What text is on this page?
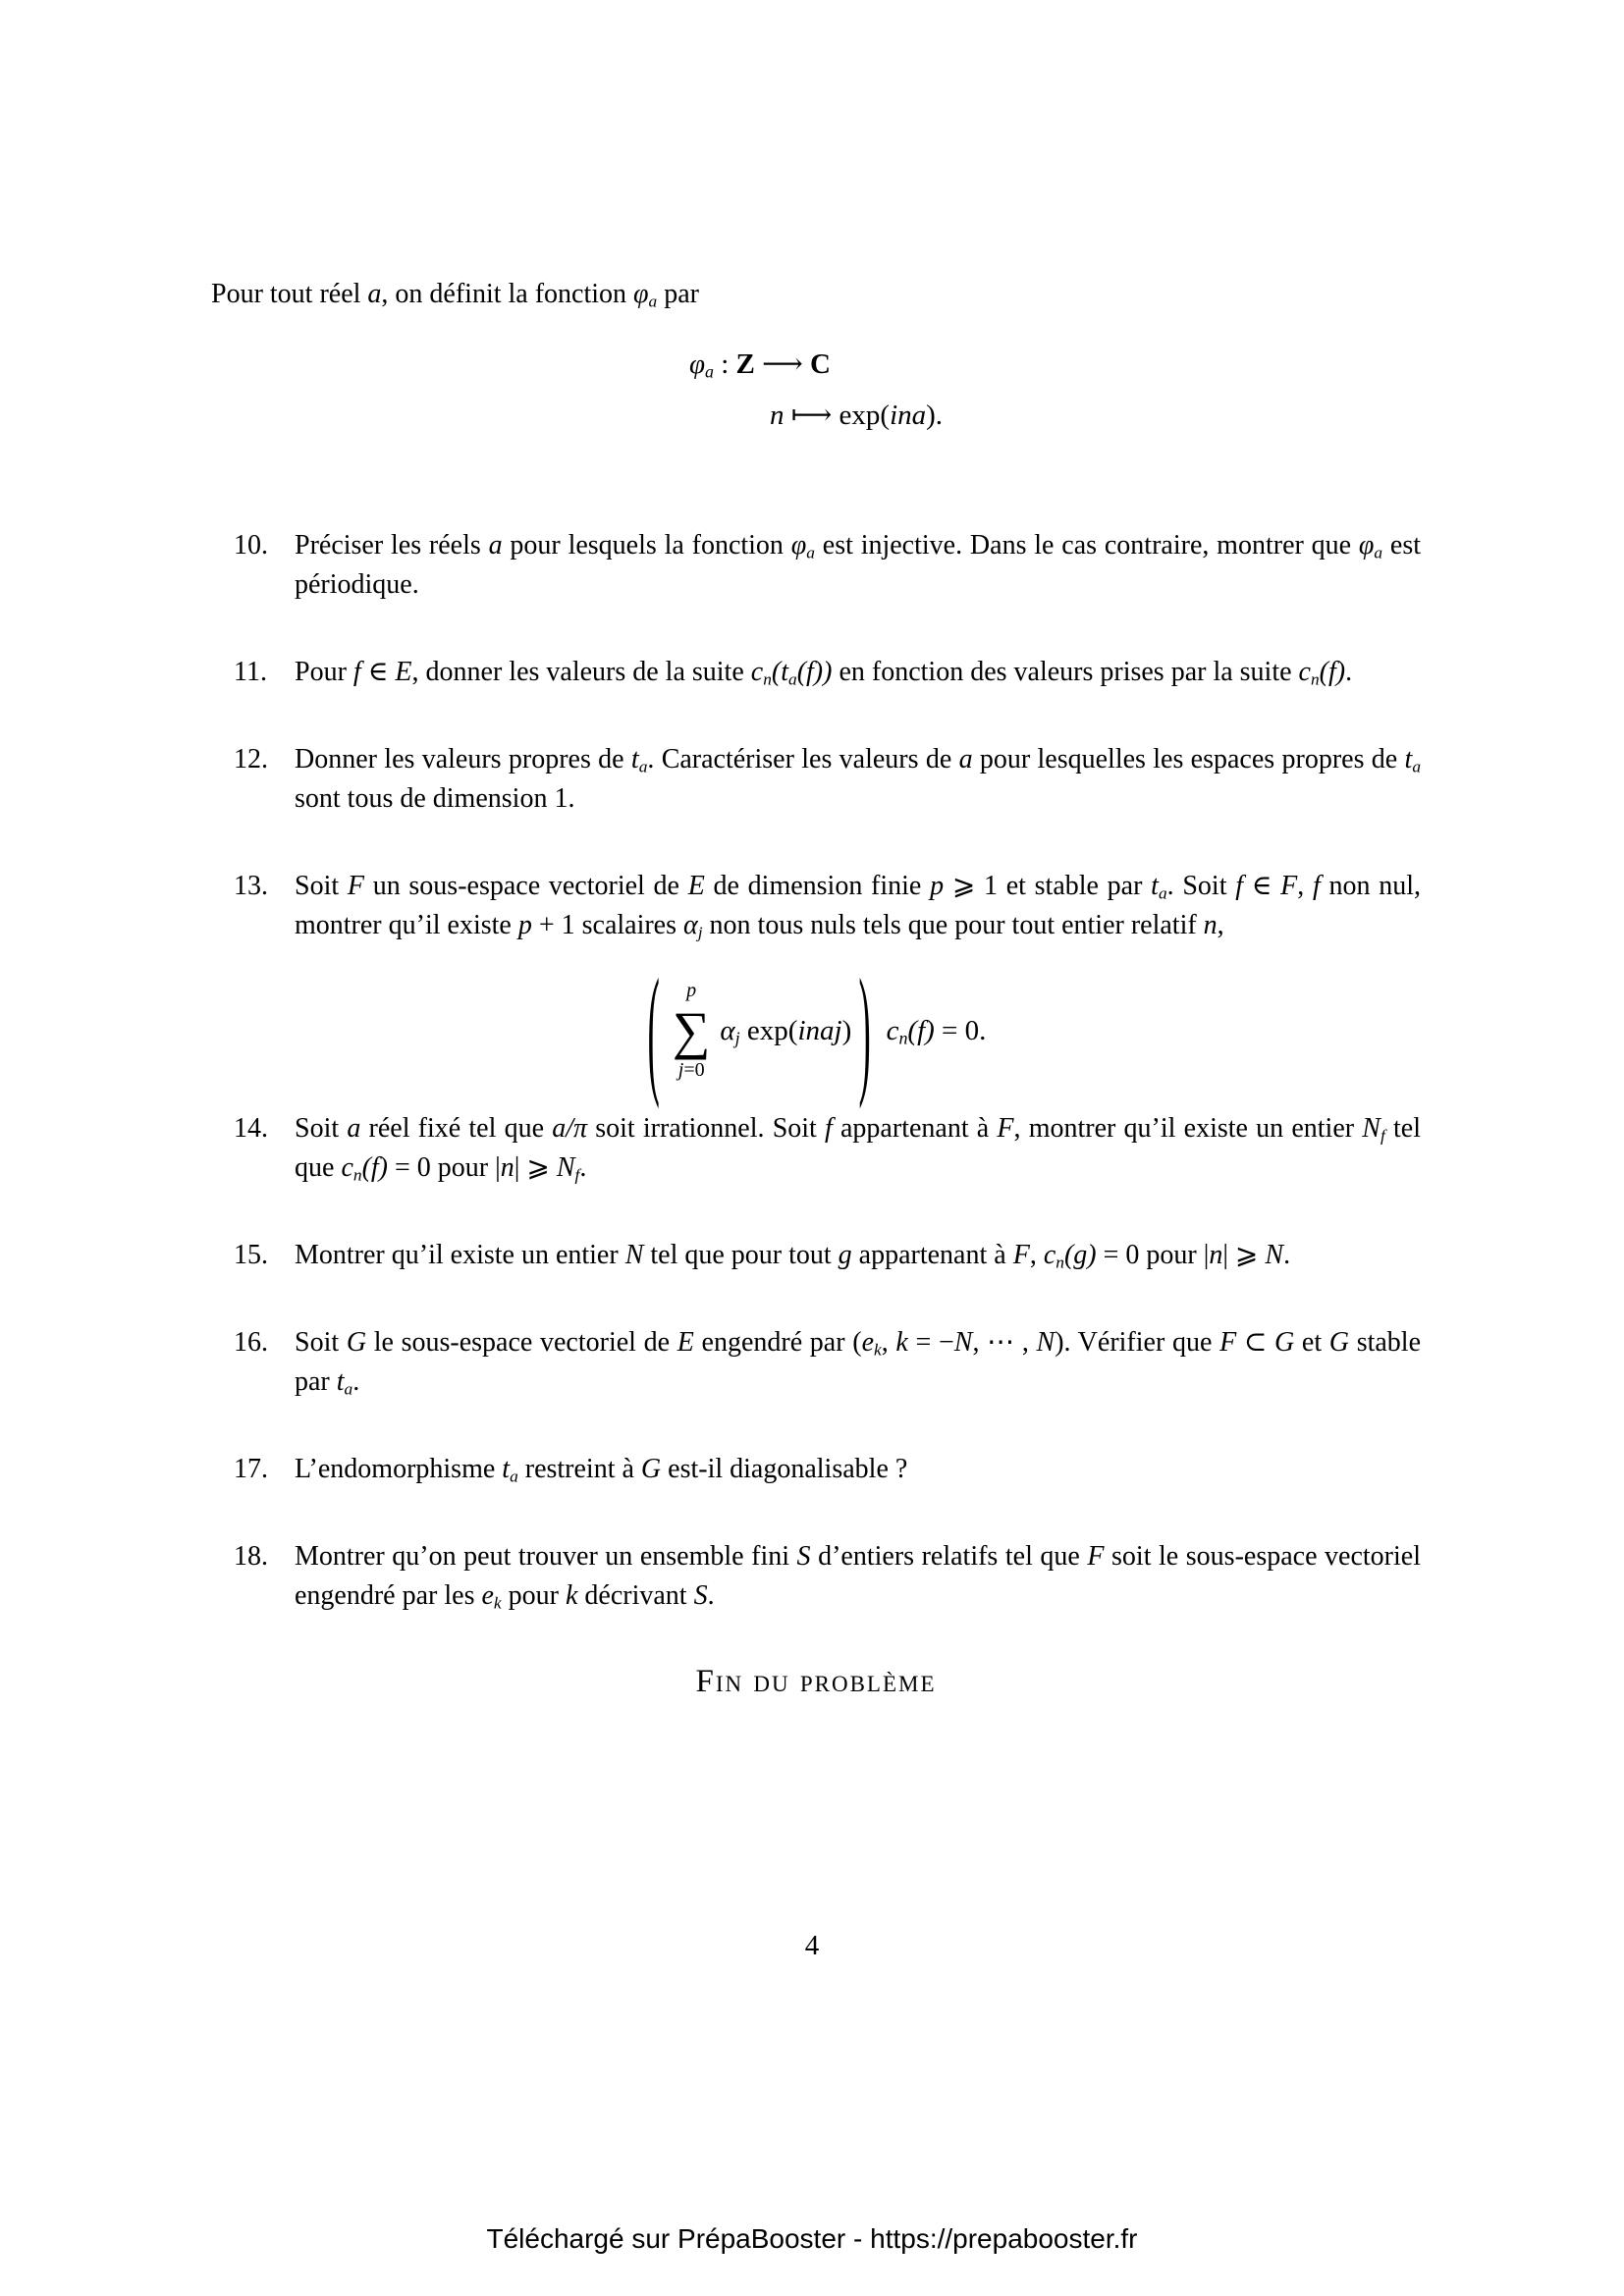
Pour tout réel a, on définit la fonction $\varphi_a$ par

$\varphi_a$ : Z ⟶ C
n ⟼ exp(ina).
10. Préciser les réels a pour lesquels la fonction $\varphi_a$ est injective. Dans le cas contraire, montrer que $\varphi_a$ est périodique.
11.	Pour f ∈ E, donner les valeurs de la suite $c_n(t_a(f))$ en fonction des valeurs prises par la suite $c_n(f)$.
12. Donner les valeurs propres de $t_a$. Caractériser les valeurs de a pour lesquelles les espaces propres de $t_a$ sont tous de dimension 1.
13. Soit F un sous-espace vectoriel de E de dimension finie p ⩾ 1 et stable par $t_a$. Soit f ∈ F, f non nul, montrer qu’il existe p + 1 scalaires $\alpha_j$ non tous nuls tels que pour tout entier relatif n,
( p
∑
j=0
$\alpha_j$ exp(inaj) ) $c_n(f) = 0$.
14. Soit a réel fixé tel que a/π soit irrationnel. Soit f appartenant à F, montrer qu’il existe un entier $N_f$ tel que $c_n(f) = 0$ pour |n| ⩾ $N_f$.
15. Montrer qu’il existe un entier N tel que pour tout g appartenant à F, $c_n(g) = 0$ pour |n| ⩾ N.
16. Soit G le sous-espace vectoriel de E engendré par ($e_k$, k = −N, ⋯ , N). Vérifier que F ⊂ G et G stable par $t_a$.
17. L’endomorphisme $t_a$ restreint à G est-il diagonalisable ?
18. Montrer qu’on peut trouver un ensemble fini S d’entiers relatifs tel que F soit le sous-espace vectoriel engendré par les $e_k$ pour k décrivant S.
Fin du problème
4
Téléchargé sur PrépaBooster - https://prepabooster.fr
